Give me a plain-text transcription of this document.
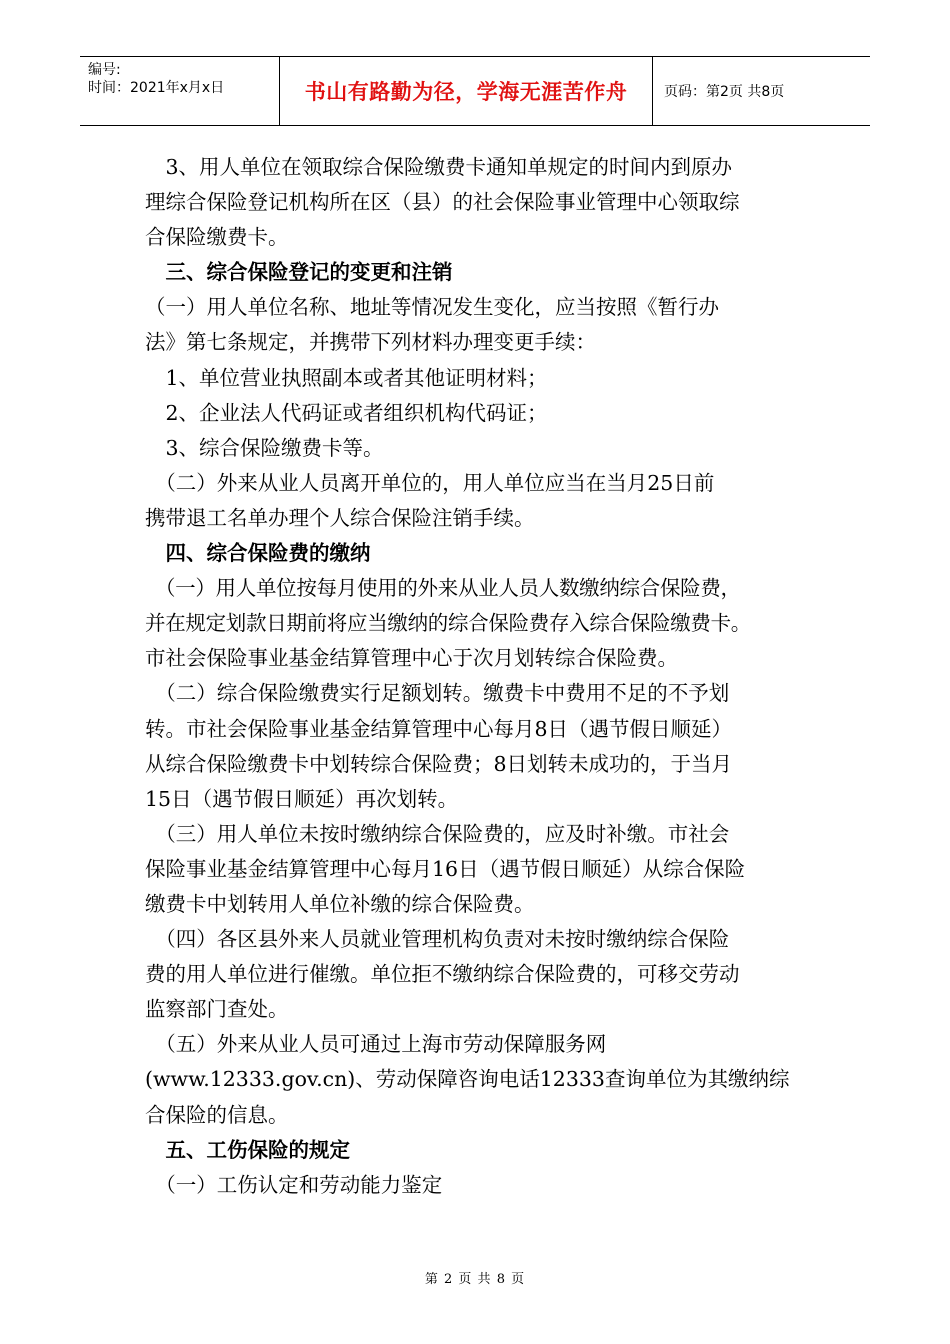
编号:
时间：2021年x月x日	书山有路勤为径，学海无涯苦作舟	页码：第2页 共8页
　3、用人单位在领取综合保险缴费卡通知单规定的时间内到原办
理综合保险登记机构所在区（县）的社会保险事业管理中心领取综
合保险缴费卡。
　三、综合保险登记的变更和注销
（一）用人单位名称、地址等情况发生变化，应当按照《暂行办
法》第七条规定，并携带下列材料办理变更手续：
　1、单位营业执照副本或者其他证明材料；
　2、企业法人代码证或者组织机构代码证；
　3、综合保险缴费卡等。
　（二）外来从业人员离开单位的，用人单位应当在当月25日前
携带退工名单办理个人综合保险注销手续。
　四、综合保险费的缴纳
　（一）用人单位按每月使用的外来从业人员人数缴纳综合保险费，
并在规定划款日期前将应当缴纳的综合保险费存入综合保险缴费卡。
市社会保险事业基金结算管理中心于次月划转综合保险费。
　（二）综合保险缴费实行足额划转。缴费卡中费用不足的不予划
转。市社会保险事业基金结算管理中心每月8日（遇节假日顺延）
从综合保险缴费卡中划转综合保险费；8日划转未成功的，于当月
15日（遇节假日顺延）再次划转。
　（三）用人单位未按时缴纳综合保险费的，应及时补缴。市社会
保险事业基金结算管理中心每月16日（遇节假日顺延）从综合保险
缴费卡中划转用人单位补缴的综合保险费。
　（四）各区县外来人员就业管理机构负责对未按时缴纳综合保险
费的用人单位进行催缴。单位拒不缴纳综合保险费的，可移交劳动
监察部门查处。
　（五）外来从业人员可通过上海市劳动保障服务网
(www.12333.gov.cn)、劳动保障咨询电话12333查询单位为其缴纳综
合保险的信息。
　五、工伤保险的规定
　（一）工伤认定和劳动能力鉴定
第 2 页 共 8 页
